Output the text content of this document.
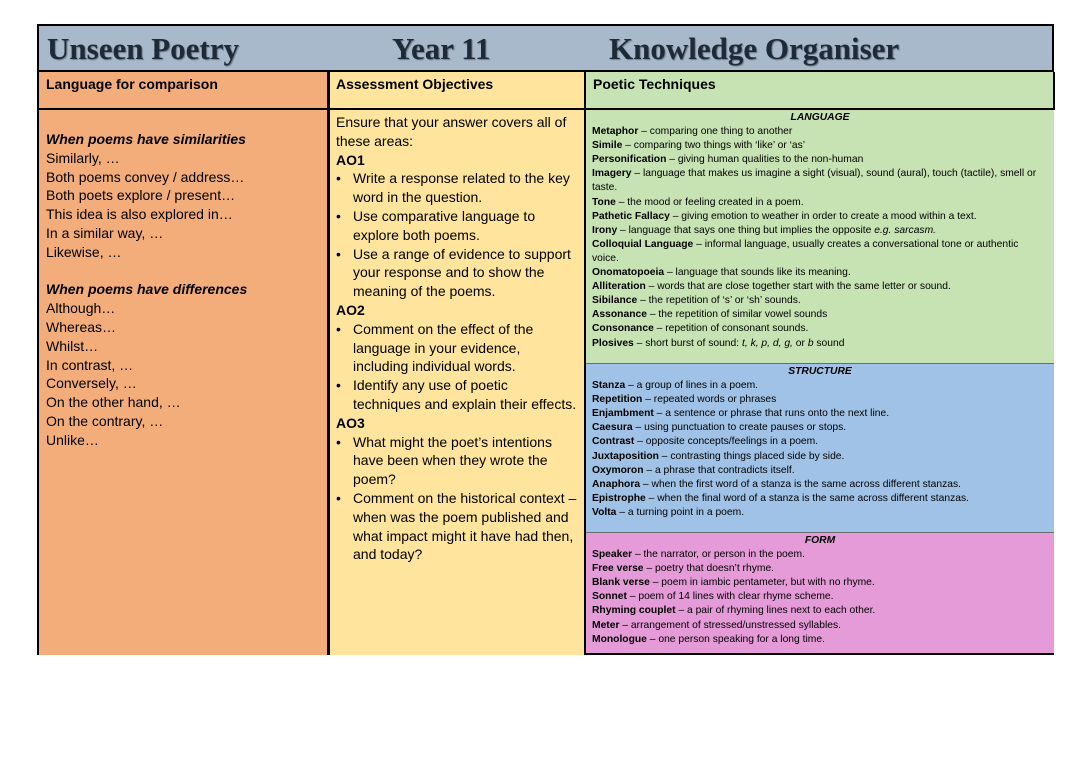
Unseen Poetry	Year 11	Knowledge Organiser
Language for comparison
When poems have similarities
Similarly, …
Both poems convey / address…
Both poets explore / present…
This idea is also explored in…
In a similar way, …
Likewise, …
When poems have differences
Although…
Whereas…
Whilst…
In contrast, …
Conversely, …
On the other hand, …
On the contrary, …
Unlike…
Assessment Objectives
Ensure that your answer covers all of these areas:
AO1
• Write a response related to the key word in the question.
• Use comparative language to explore both poems.
• Use a range of evidence to support your response and to show the meaning of the poems.
AO2
• Comment on the effect of the language in your evidence, including individual words.
• Identify any use of poetic techniques and explain their effects.
AO3
• What might the poet’s intentions have been when they wrote the poem?
• Comment on the historical context – when was the poem published and what impact might it have had then, and today?
Poetic Techniques
LANGUAGE
Metaphor – comparing one thing to another
Simile – comparing two things with ‘like’ or ‘as’
Personification – giving human qualities to the non-human
Imagery – language that makes us imagine a sight (visual), sound (aural), touch (tactile), smell or taste.
Tone – the mood or feeling created in a poem.
Pathetic Fallacy – giving emotion to weather in order to create a mood within a text.
Irony – language that says one thing but implies the opposite e.g. sarcasm.
Colloquial Language – informal language, usually creates a conversational tone or authentic voice.
Onomatopoeia – language that sounds like its meaning.
Alliteration – words that are close together start with the same letter or sound.
Sibilance – the repetition of ‘s’ or ‘sh’ sounds.
Assonance – the repetition of similar vowel sounds
Consonance – repetition of consonant sounds.
Plosives – short burst of sound: t, k, p, d, g, or b sound
STRUCTURE
Stanza – a group of lines in a poem.
Repetition – repeated words or phrases
Enjambment – a sentence or phrase that runs onto the next line.
Caesura – using punctuation to create pauses or stops.
Contrast – opposite concepts/feelings in a poem.
Juxtaposition – contrasting things placed side by side.
Oxymoron – a phrase that contradicts itself.
Anaphora – when the first word of a stanza is the same across different stanzas.
Epistrophe – when the final word of a stanza is the same across different stanzas.
Volta – a turning point in a poem.
FORM
Speaker – the narrator, or person in the poem.
Free verse – poetry that doesn’t rhyme.
Blank verse – poem in iambic pentameter, but with no rhyme.
Sonnet – poem of 14 lines with clear rhyme scheme.
Rhyming couplet – a pair of rhyming lines next to each other.
Meter – arrangement of stressed/unstressed syllables.
Monologue – one person speaking for a long time.
